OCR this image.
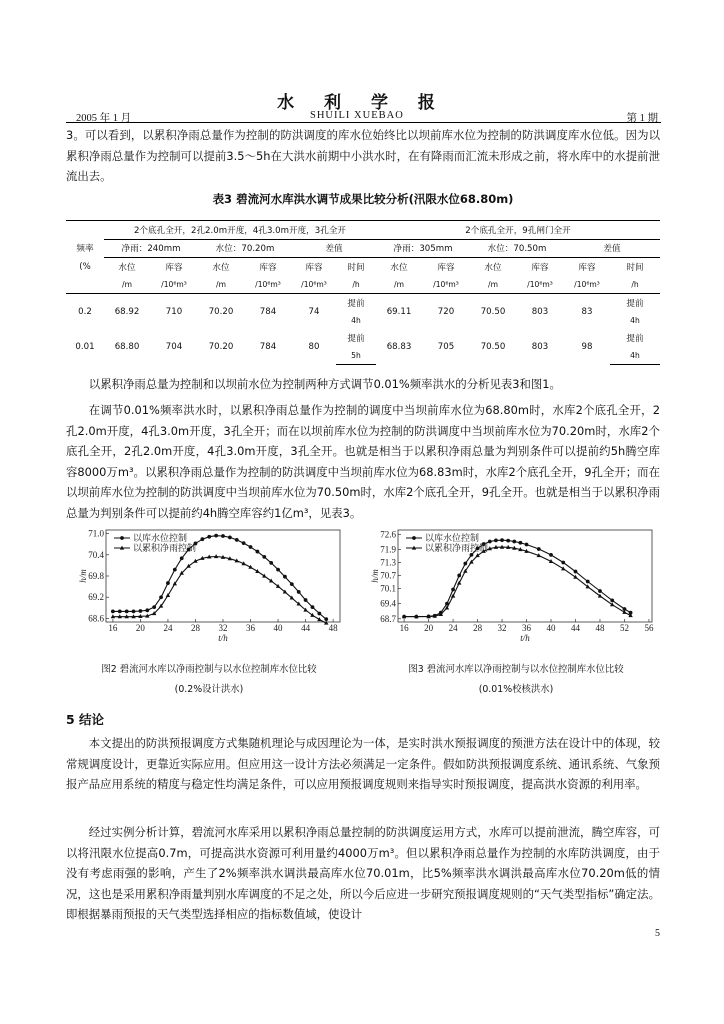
水 利 学 报
2005 年 1 月	SHUILI XUEBAO	第 1 期

3。可以看到，以累积净雨总量作为控制的防洪调度的库水位始终比以坝前库水位为控制的防洪调度库水位低。因为以累积净雨总量作为控制可以提前3.5～5h在大洪水前期中小洪水时，在有降雨而汇流未形成之前，将水库中的水提前泄流出去。

表3 碧流河水库洪水调节成果比较分析(汛限水位68.80m)
	2个底孔全开，2孔2.0m开度，4孔3.0m开度，3孔全开						2个底孔全开，9孔闸门全开					
频率	净雨：240mm		水位：70.20m		差值		净雨：305mm		水位：70.50m		差值	
(%	水位	库容	水位	库容	库容	时间	水位	库容	水位	库容	库容	时间
	/m	/10⁶m³	/m	/10⁶m³	/10⁶m³	/h	/m	/10⁶m³	/m	/10⁶m³	/10⁶m³	/h
0.2	68.92	710	70.20	784	74	提前	69.11	720	70.50	803	83	提前
						4h						4h
0.01	68.80	704	70.20	784	80	提前	68.83	705	70.50	803	98	提前
						5h						4h

以累积净雨总量为控制和以坝前水位为控制两种方式调节0.01%频率洪水的分析见表3和图1。

在调节0.01%频率洪水时，以累积净雨总量作为控制的调度中当坝前库水位为68.80m时，水库2个底孔全开，2孔2.0m开度，4孔3.0m开度，3孔全开；而在以坝前库水位为控制的防洪调度中当坝前库水位为70.20m时，水库2个底孔全开，2孔2.0m开度，4孔3.0m开度，3孔全开。也就是相当于以累积净雨总量为判别条件可以提前约5h腾空库容8000万m³。以累积净雨总量作为控制的防洪调度中当坝前库水位为68.83m时，水库2个底孔全开，9孔全开；而在以坝前库水位为控制的防洪调度中当坝前库水位为70.50m时，水库2个底孔全开，9孔全开。也就是相当于以累积净雨总量为判别条件可以提前约4h腾空库容约1亿m³，见表3。

16 20 24 28 32 36 40 44 48
68.6
69.2
69.8
70.4
71.0
t/h
h/m
以库水位控制
以累积净雨控制
图2 碧流河水库以净雨控制与以水位控制库水位比较
(0.2%设计洪水)
16 20 24 28 32 36 40 44 48 52 56
68.7
69.4
70.1
70.7
71.3
71.9
72.6
t/h
h/m
以库水位控制
以累积净雨控制
图3 碧流河水库以净雨控制与以水位控制库水位比较
(0.01%校核洪水)
5 结论

本文提出的防洪预报调度方式集随机理论与成因理论为一体，是实时洪水预报调度的预泄方法在设计中的体现，较常规调度设计，更靠近实际应用。但应用这一设计方法必须满足一定条件。假如防洪预报调度系统、通讯系统、气象预报产品应用系统的精度与稳定性均满足条件，可以应用预报调度规则来指导实时预报调度，提高洪水资源的利用率。

经过实例分析计算，碧流河水库采用以累积净雨总量控制的防洪调度运用方式，水库可以提前泄流，腾空库容，可以将汛限水位提高0.7m，可提高洪水资源可利用量约4000万m³。但以累积净雨总量作为控制的水库防洪调度，由于没有考虑雨强的影响，产生了2%频率洪水调洪最高库水位70.01m，比5%频率洪水调洪最高库水位70.20m低的情况，这也是采用累积净雨量判别水库调度的不足之处，所以今后应进一步研究预报调度规则的“天气类型指标”确定法。即根据暴雨预报的天气类型选择相应的指标数值域，使设计

5
